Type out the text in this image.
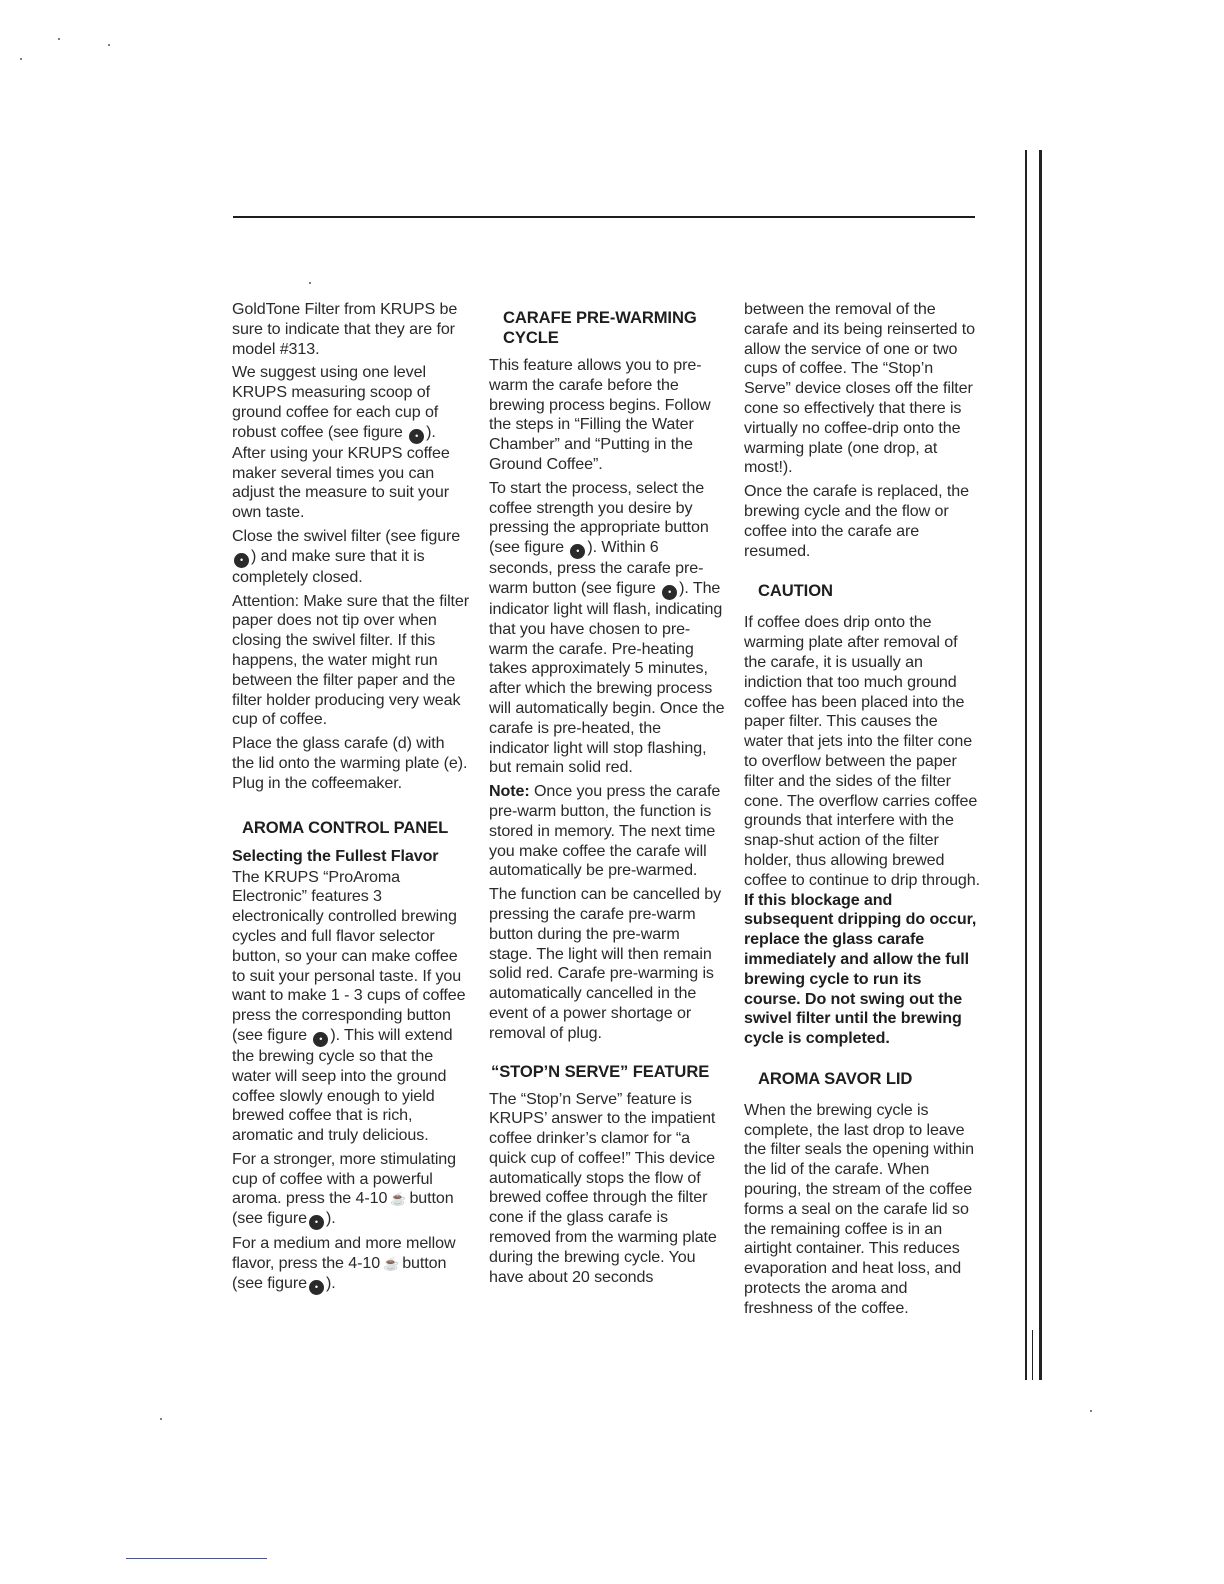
GoldTone Filter from KRUPS be sure to indicate that they are for model #313.

We suggest using one level KRUPS measuring scoop of ground coffee for each cup of robust coffee (see figure • ). After using your KRUPS coffee maker several times you can adjust the measure to suit your own taste.

Close the swivel filter (see figure • ) and make sure that it is completely closed.

Attention: Make sure that the filter paper does not tip over when closing the swivel filter. If this happens, the water might run between the filter paper and the filter holder producing very weak cup of coffee.

Place the glass carafe (d) with the lid onto the warming plate (e). Plug in the coffeemaker.

AROMA CONTROL PANEL
Selecting the Fullest Flavor

The KRUPS “ProAroma Electronic” features 3 electronically controlled brewing cycles and full flavor selector button, so your can make coffee to suit your personal taste. If you want to make 1 - 3 cups of coffee press the corresponding button (see figure • ). This will extend the brewing cycle so that the water will seep into the ground coffee slowly enough to yield brewed coffee that is rich, aromatic and truly delicious.

For a stronger, more stimulating cup of coffee with a powerful aroma. press the 4-10 ☕ button (see figure • ).

For a medium and more mellow flavor, press the 4-10 ☕ button (see figure • ).

CARAFE PRE-WARMING CYCLE

This feature allows you to pre-warm the carafe before the brewing process begins. Follow the steps in “Filling the Water Chamber” and “Putting in the Ground Coffee”.

To start the process, select the coffee strength you desire by pressing the appropriate button (see figure • ). Within 6 seconds, press the carafe pre-warm button (see figure • ). The indicator light will flash, indicating that you have chosen to pre-warm the carafe. Pre-heating takes approximately 5 minutes, after which the brewing process will automatically begin. Once the carafe is pre-heated, the indicator light will stop flashing, but remain solid red.

Note: Once you press the carafe pre-warm button, the function is stored in memory. The next time you make coffee the carafe will automatically be pre-warmed.

The function can be cancelled by pressing the carafe pre-warm button during the pre-warm stage. The light will then remain solid red. Carafe pre-warming is automatically cancelled in the event of a power shortage or removal of plug.

“STOP’N SERVE” FEATURE

The “Stop’n Serve” feature is KRUPS’ answer to the impatient coffee drinker’s clamor for “a quick cup of coffee!” This device automatically stops the flow of brewed coffee through the filter cone if the glass carafe is removed from the warming plate during the brewing cycle. You have about 20 seconds

between the removal of the carafe and its being reinserted to allow the service of one or two cups of coffee. The “Stop’n Serve” device closes off the filter cone so effectively that there is virtually no coffee-drip onto the warming plate (one drop, at most!).

Once the carafe is replaced, the brewing cycle and the flow or coffee into the carafe are resumed.

CAUTION

If coffee does drip onto the warming plate after removal of the carafe, it is usually an indiction that too much ground coffee has been placed into the paper filter. This causes the water that jets into the filter cone to overflow between the paper filter and the sides of the filter cone. The overflow carries coffee grounds that interfere with the snap-shut action of the filter holder, thus allowing brewed coffee to continue to drip through. If this blockage and subsequent dripping do occur, replace the glass carafe immediately and allow the full brewing cycle to run its course. Do not swing out the swivel filter until the brewing cycle is completed.

AROMA SAVOR LID

When the brewing cycle is complete, the last drop to leave the filter seals the opening within the lid of the carafe. When pouring, the stream of the coffee forms a seal on the carafe lid so the remaining coffee is in an airtight container. This reduces evaporation and heat loss, and protects the aroma and freshness of the coffee.
